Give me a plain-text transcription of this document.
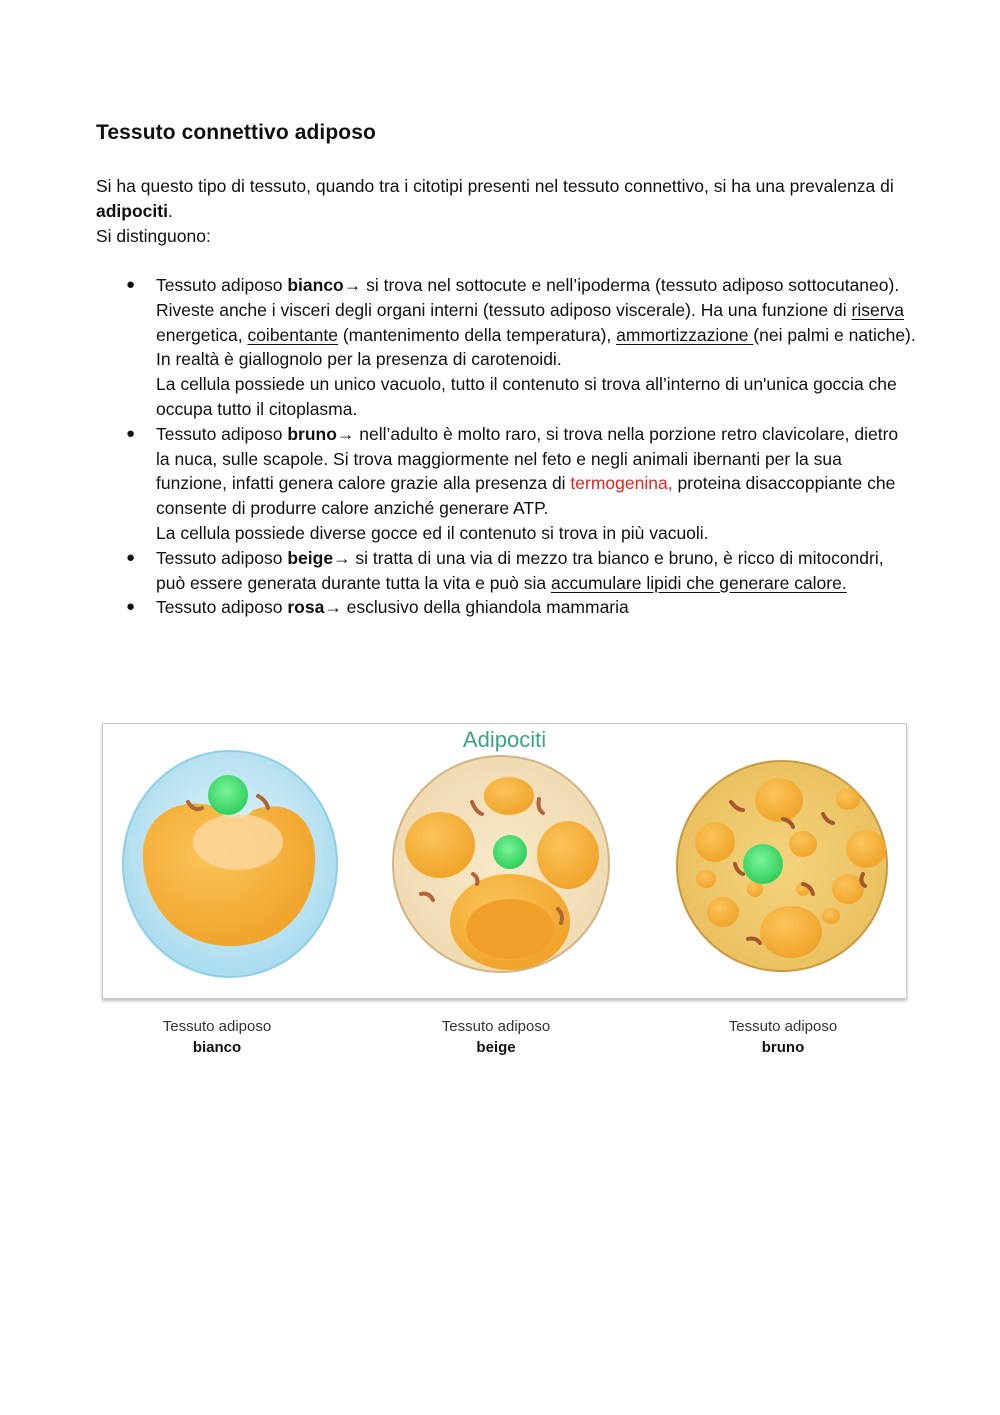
Tessuto connettivo adiposo

Si ha questo tipo di tessuto, quando tra i citotipi presenti nel tessuto connettivo, si ha una prevalenza di adipociti.
Si distinguono:

● Tessuto adiposo bianco→ si trova nel sottocute e nell’ipoderma (tessuto adiposo sottocutaneo). Riveste anche i visceri degli organi interni (tessuto adiposo viscerale). Ha una funzione di riserva energetica, coibentante (mantenimento della temperatura), ammortizzazione (nei palmi e natiche).
In realtà è giallognolo per la presenza di carotenoidi.
La cellula possiede un unico vacuolo, tutto il contenuto si trova all’interno di un'unica goccia che occupa tutto il citoplasma.
● Tessuto adiposo bruno→ nell’adulto è molto raro, si trova nella porzione retro clavicolare, dietro la nuca, sulle scapole. Si trova maggiormente nel feto e negli animali ibernanti per la sua funzione, infatti genera calore grazie alla presenza di termogenina, proteina disaccoppiante che consente di produrre calore anziché generare ATP.
La cellula possiede diverse gocce ed il contenuto si trova in più vacuoli.
● Tessuto adiposo beige→ si tratta di una via di mezzo tra bianco e bruno, è ricco di mitocondri, può essere generata durante tutta la vita e può sia accumulare lipidi che generare calore.
● Tessuto adiposo rosa→ esclusivo della ghiandola mammaria
Adipociti
Tessuto adiposo
bianco
Tessuto adiposo
beige
Tessuto adiposo
bruno
